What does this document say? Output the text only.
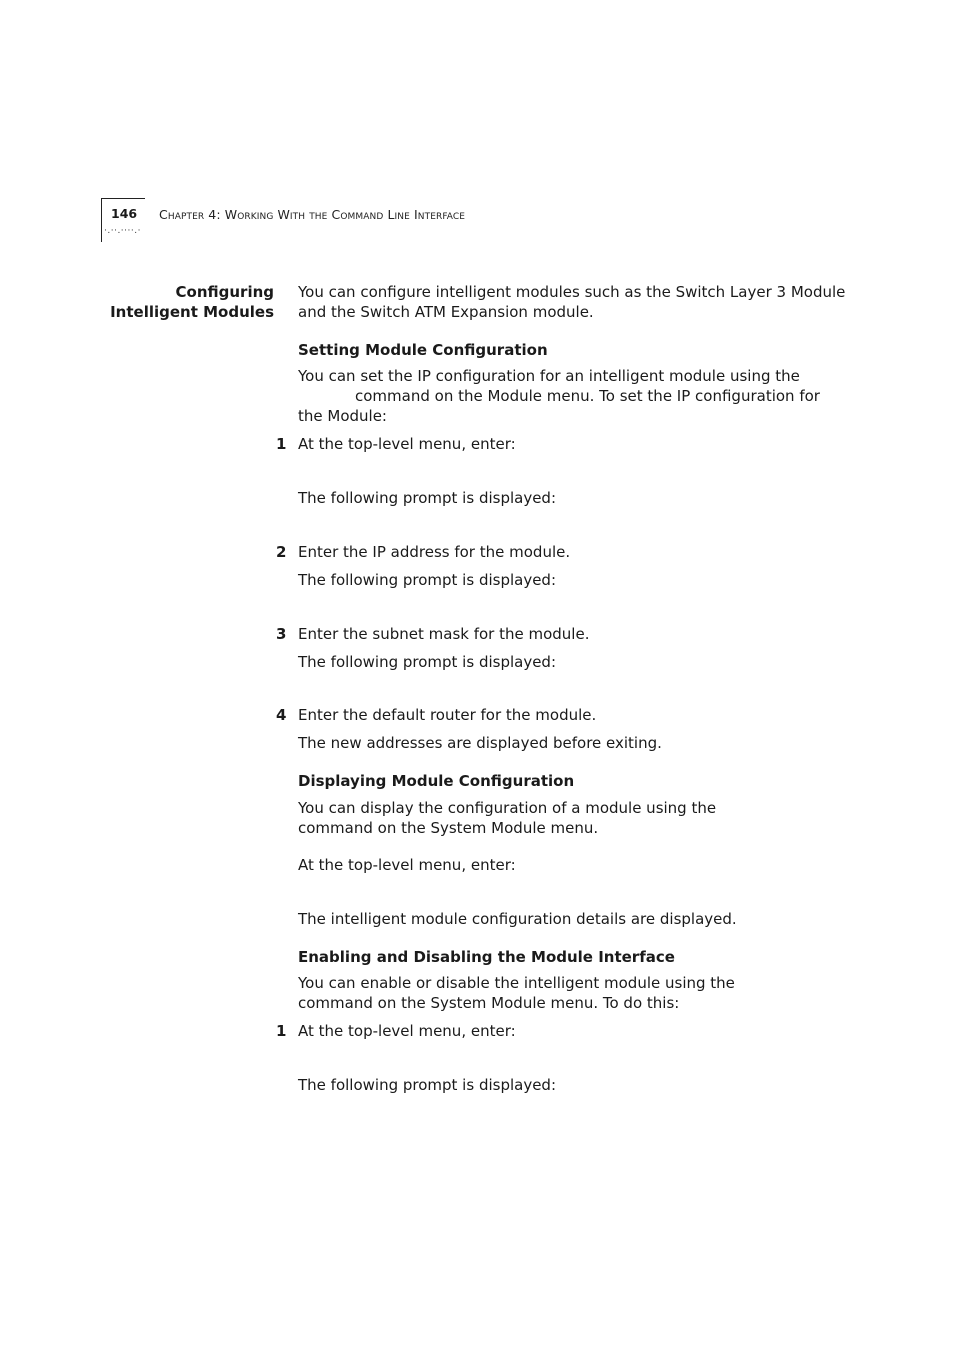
146
·.··.····.·
Chapter 4: Working With the Command Line Interface
Configuring
Intelligent Modules
You can configure intelligent modules such as the Switch Layer 3 Module
and the Switch ATM Expansion module.
Setting Module Configuration
You can set the IP configuration for an intelligent module using the
command on the Module menu. To set the IP configuration for
the Module:
1 At the top-level menu, enter:
The following prompt is displayed:
2 Enter the IP address for the module.
The following prompt is displayed:
3 Enter the subnet mask for the module.
The following prompt is displayed:
4 Enter the default router for the module.
The new addresses are displayed before exiting.
Displaying Module Configuration
You can display the configuration of a module using the
command on the System Module menu.
At the top-level menu, enter:
The intelligent module configuration details are displayed.
Enabling and Disabling the Module Interface
You can enable or disable the intelligent module using the
command on the System Module menu. To do this:
1 At the top-level menu, enter:
The following prompt is displayed:
